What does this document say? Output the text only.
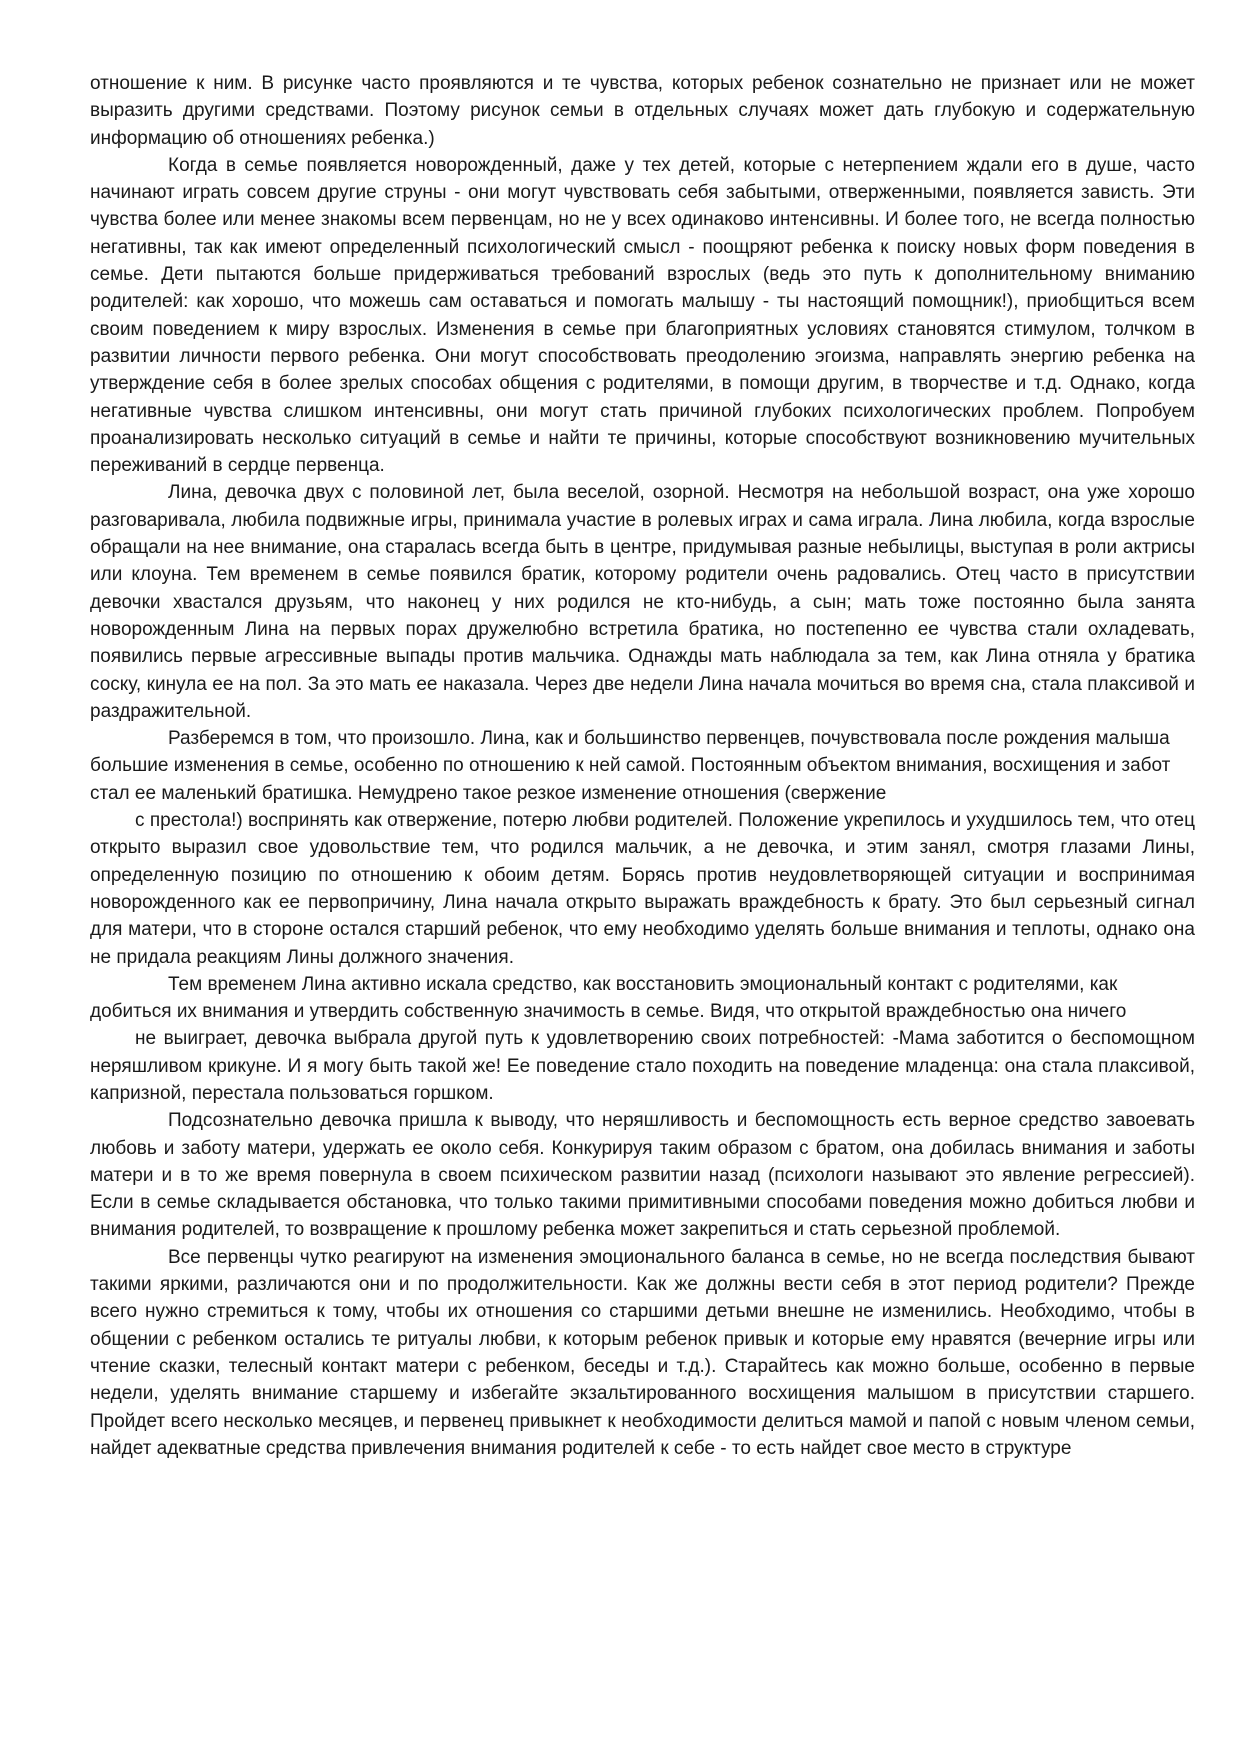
отношение к ним. В рисунке часто проявляются и те чувства, которых ребенок сознательно не признает или не может выразить другими средствами. Поэтому рисунок семьи в отдельных случаях может дать глубокую и содержательную информацию об отношениях ребенка.)

Когда в семье появляется новорожденный, даже у тех детей, которые с нетерпением ждали его в душе, часто начинают играть совсем другие струны - они могут чувствовать себя забытыми, отверженными, появляется зависть. Эти чувства более или менее знакомы всем первенцам, но не у всех одинаково интенсивны. И более того, не всегда полностью негативны, так как имеют определенный психологический смысл - поощряют ребенка к поиску новых форм поведения в семье. Дети пытаются больше придерживаться требований взрослых (ведь это путь к дополнительному вниманию родителей: как хорошо, что можешь сам оставаться и помогать малышу - ты настоящий помощник!), приобщиться всем своим поведением к миру взрослых. Изменения в семье при благоприятных условиях становятся стимулом, толчком в развитии личности первого ребенка. Они могут способствовать преодолению эгоизма, направлять энергию ребенка на утверждение себя в более зрелых способах общения с родителями, в помощи другим, в творчестве и т.д. Однако, когда негативные чувства слишком интенсивны, они могут стать причиной глубоких психологических проблем. Попробуем проанализировать несколько ситуаций в семье и найти те причины, которые способствуют возникновению мучительных переживаний в сердце первенца.

Лина, девочка двух с половиной лет, была веселой, озорной. Несмотря на небольшой возраст, она уже хорошо разговаривала, любила подвижные игры, принимала участие в ролевых играх и сама играла. Лина любила, когда взрослые обращали на нее внимание, она старалась всегда быть в центре, придумывая разные небылицы, выступая в роли актрисы или клоуна. Тем временем в семье появился братик, которому родители очень радовались. Отец часто в присутствии девочки хвастался друзьям, что наконец у них родился не кто-нибудь, а сын; мать тоже постоянно была занята новорожденным Лина на первых порах дружелюбно встретила братика, но постепенно ее чувства стали охладевать, появились первые агрессивные выпады против мальчика. Однажды мать наблюдала за тем, как Лина отняла у братика соску, кинула ее на пол. За это мать ее наказала. Через две недели Лина начала мочиться во время сна, стала плаксивой и раздражительной.

Разберемся в том, что произошло. Лина, как и большинство первенцев, почувствовала после рождения малыша большие изменения в семье, особенно по отношению к ней самой. Постоянным объектом внимания, восхищения и забот стал ее маленький братишка. Немудрено такое резкое изменение отношения (свержение

с престола!) воспринять как отвержение, потерю любви родителей. Положение укрепилось и ухудшилось тем, что отец открыто выразил свое удовольствие тем, что родился мальчик, а не девочка, и этим занял, смотря глазами Лины, определенную позицию по отношению к обоим детям. Борясь против неудовлетворяющей ситуации и воспринимая новорожденного как ее первопричину, Лина начала открыто выражать враждебность к брату. Это был серьезный сигнал для матери, что в стороне остался старший ребенок, что ему необходимо уделять больше внимания и теплоты, однако она не придала реакциям Лины должного значения.

Тем временем Лина активно искала средство, как восстановить эмоциональный контакт с родителями, как добиться их внимания и утвердить собственную значимость в семье. Видя, что открытой враждебностью она ничего

не выиграет, девочка выбрала другой путь к удовлетворению своих потребностей: -Мама заботится о беспомощном неряшливом крикуне. И я могу быть такой же! Ее поведение стало походить на поведение младенца: она стала плаксивой, капризной, перестала пользоваться горшком.

Подсознательно девочка пришла к выводу, что неряшливость и беспомощность есть верное средство завоевать любовь и заботу матери, удержать ее около себя. Конкурируя таким образом с братом, она добилась внимания и заботы матери и в то же время повернула в своем психическом развитии назад (психологи называют это явление регрессией). Если в семье складывается обстановка, что только такими примитивными способами поведения можно добиться любви и внимания родителей, то возвращение к прошлому ребенка может закрепиться и стать серьезной проблемой.

Все первенцы чутко реагируют на изменения эмоционального баланса в семье, но не всегда последствия бывают такими яркими, различаются они и по продолжительности. Как же должны вести себя в этот период родители? Прежде всего нужно стремиться к тому, чтобы их отношения со старшими детьми внешне не изменились. Необходимо, чтобы в общении с ребенком остались те ритуалы любви, к которым ребенок привык и которые ему нравятся (вечерние игры или чтение сказки, телесный контакт матери с ребенком, беседы и т.д.). Старайтесь как можно больше, особенно в первые недели, уделять внимание старшему и избегайте экзальтированного восхищения малышом в присутствии старшего. Пройдет всего несколько месяцев, и первенец привыкнет к необходимости делиться мамой и папой с новым членом семьи, найдет адекватные средства привлечения внимания родителей к себе - то есть найдет свое место в структуре
